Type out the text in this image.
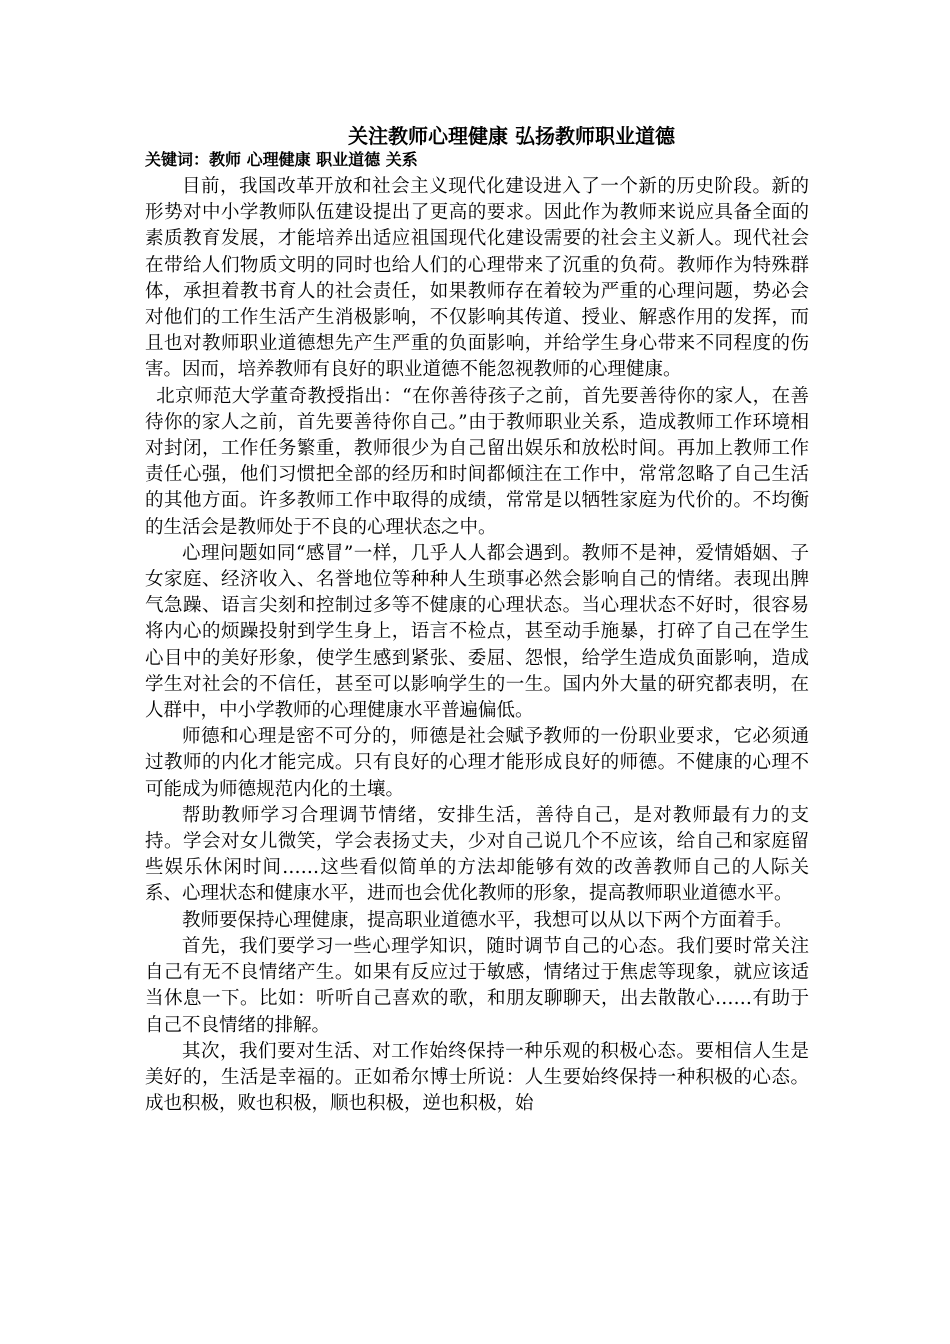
关注教师心理健康 弘扬教师职业道德

关键词：教师 心理健康 职业道德 关系

目前，我国改革开放和社会主义现代化建设进入了一个新的历史阶段。新的形势对中小学教师队伍建设提出了更高的要求。因此作为教师来说应具备全面的素质教育发展，才能培养出适应祖国现代化建设需要的社会主义新人。现代社会在带给人们物质文明的同时也给人们的心理带来了沉重的负荷。教师作为特殊群体，承担着教书育人的社会责任，如果教师存在着较为严重的心理问题，势必会对他们的工作生活产生消极影响，不仅影响其传道、授业、解惑作用的发挥，而且也对教师职业道德想先产生严重的负面影响，并给学生身心带来不同程度的伤害。因而，培养教师有良好的职业道德不能忽视教师的心理健康。

北京师范大学董奇教授指出：“在你善待孩子之前，首先要善待你的家人，在善待你的家人之前，首先要善待你自己。”由于教师职业关系，造成教师工作环境相对封闭，工作任务繁重，教师很少为自己留出娱乐和放松时间。再加上教师工作责任心强，他们习惯把全部的经历和时间都倾注在工作中，常常忽略了自己生活的其他方面。许多教师工作中取得的成绩，常常是以牺牲家庭为代价的。不均衡的生活会是教师处于不良的心理状态之中。

心理问题如同“感冒”一样，几乎人人都会遇到。教师不是神，爱情婚姻、子女家庭、经济收入、名誉地位等种种人生琐事必然会影响自己的情绪。表现出脾气急躁、语言尖刻和控制过多等不健康的心理状态。当心理状态不好时，很容易将内心的烦躁投射到学生身上，语言不检点，甚至动手施暴，打碎了自己在学生心目中的美好形象，使学生感到紧张、委屈、怨恨，给学生造成负面影响，造成学生对社会的不信任，甚至可以影响学生的一生。国内外大量的研究都表明，在人群中，中小学教师的心理健康水平普遍偏低。

师德和心理是密不可分的，师德是社会赋予教师的一份职业要求，它必须通过教师的内化才能完成。只有良好的心理才能形成良好的师德。不健康的心理不可能成为师德规范内化的土壤。

帮助教师学习合理调节情绪，安排生活，善待自己，是对教师最有力的支持。学会对女儿微笑，学会表扬丈夫，少对自己说几个不应该，给自己和家庭留些娱乐休闲时间……这些看似简单的方法却能够有效的改善教师自己的人际关系、心理状态和健康水平，进而也会优化教师的形象，提高教师职业道德水平。

教师要保持心理健康，提高职业道德水平，我想可以从以下两个方面着手。

首先，我们要学习一些心理学知识，随时调节自己的心态。我们要时常关注自己有无不良情绪产生。如果有反应过于敏感，情绪过于焦虑等现象，就应该适当休息一下。比如：听听自己喜欢的歌，和朋友聊聊天，出去散散心……有助于自己不良情绪的排解。

其次，我们要对生活、对工作始终保持一种乐观的积极心态。要相信人生是美好的，生活是幸福的。正如希尔博士所说：人生要始终保持一种积极的心态。成也积极，败也积极，顺也积极，逆也积极，始
